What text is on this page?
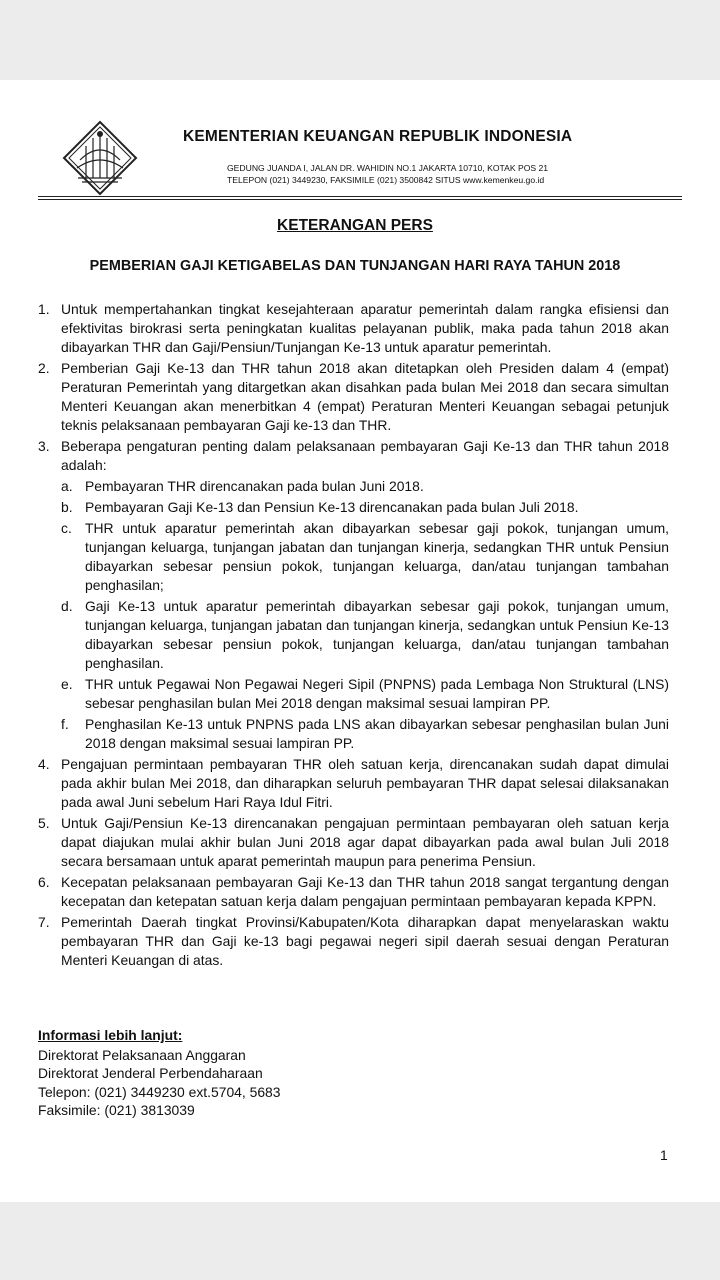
KEMENTERIAN KEUANGAN REPUBLIK INDONESIA
GEDUNG JUANDA I, JALAN DR. WAHIDIN NO.1 JAKARTA 10710, KOTAK POS 21
TELEPON (021) 3449230, FAKSIMILE (021) 3500842 SITUS www.kemenkeu.go.id
KETERANGAN PERS
PEMBERIAN GAJI KETIGABELAS DAN TUNJANGAN HARI RAYA TAHUN 2018
1. Untuk mempertahankan tingkat kesejahteraan aparatur pemerintah dalam rangka efisiensi dan efektivitas birokrasi serta peningkatan kualitas pelayanan publik, maka pada tahun 2018 akan dibayarkan THR dan Gaji/Pensiun/Tunjangan Ke-13 untuk aparatur pemerintah.
2. Pemberian Gaji Ke-13 dan THR tahun 2018 akan ditetapkan oleh Presiden dalam 4 (empat) Peraturan Pemerintah yang ditargetkan akan disahkan pada bulan Mei 2018 dan secara simultan Menteri Keuangan akan menerbitkan 4 (empat) Peraturan Menteri Keuangan sebagai petunjuk teknis pelaksanaan pembayaran Gaji ke-13 dan THR.
3. Beberapa pengaturan penting dalam pelaksanaan pembayaran Gaji Ke-13 dan THR tahun 2018 adalah:
a. Pembayaran THR direncanakan pada bulan Juni 2018.
b. Pembayaran Gaji Ke-13 dan Pensiun Ke-13 direncanakan pada bulan Juli 2018.
c. THR untuk aparatur pemerintah akan dibayarkan sebesar gaji pokok, tunjangan umum, tunjangan keluarga, tunjangan jabatan dan tunjangan kinerja, sedangkan THR untuk Pensiun dibayarkan sebesar pensiun pokok, tunjangan keluarga, dan/atau tunjangan tambahan penghasilan;
d. Gaji Ke-13 untuk aparatur pemerintah dibayarkan sebesar gaji pokok, tunjangan umum, tunjangan keluarga, tunjangan jabatan dan tunjangan kinerja, sedangkan untuk Pensiun Ke-13 dibayarkan sebesar pensiun pokok, tunjangan keluarga, dan/atau tunjangan tambahan penghasilan.
e. THR untuk Pegawai Non Pegawai Negeri Sipil (PNPNS) pada Lembaga Non Struktural (LNS) sebesar penghasilan bulan Mei 2018 dengan maksimal sesuai lampiran PP.
f. Penghasilan Ke-13 untuk PNPNS pada LNS akan dibayarkan sebesar penghasilan bulan Juni 2018 dengan maksimal sesuai lampiran PP.
4. Pengajuan permintaan pembayaran THR oleh satuan kerja, direncanakan sudah dapat dimulai pada akhir bulan Mei 2018, dan diharapkan seluruh pembayaran THR dapat selesai dilaksanakan pada awal Juni sebelum Hari Raya Idul Fitri.
5. Untuk Gaji/Pensiun Ke-13 direncanakan pengajuan permintaan pembayaran oleh satuan kerja dapat diajukan mulai akhir bulan Juni 2018 agar dapat dibayarkan pada awal bulan Juli 2018 secara bersamaan untuk aparat pemerintah maupun para penerima Pensiun.
6. Kecepatan pelaksanaan pembayaran Gaji Ke-13 dan THR tahun 2018 sangat tergantung dengan kecepatan dan ketepatan satuan kerja dalam pengajuan permintaan pembayaran kepada KPPN.
7. Pemerintah Daerah tingkat Provinsi/Kabupaten/Kota diharapkan dapat menyelaraskan waktu pembayaran THR dan Gaji ke-13 bagi pegawai negeri sipil daerah sesuai dengan Peraturan Menteri Keuangan di atas.
Informasi lebih lanjut:
Direktorat Pelaksanaan Anggaran
Direktorat Jenderal Perbendaharaan
Telepon: (021) 3449230 ext.5704, 5683
Faksimile: (021) 3813039
1
